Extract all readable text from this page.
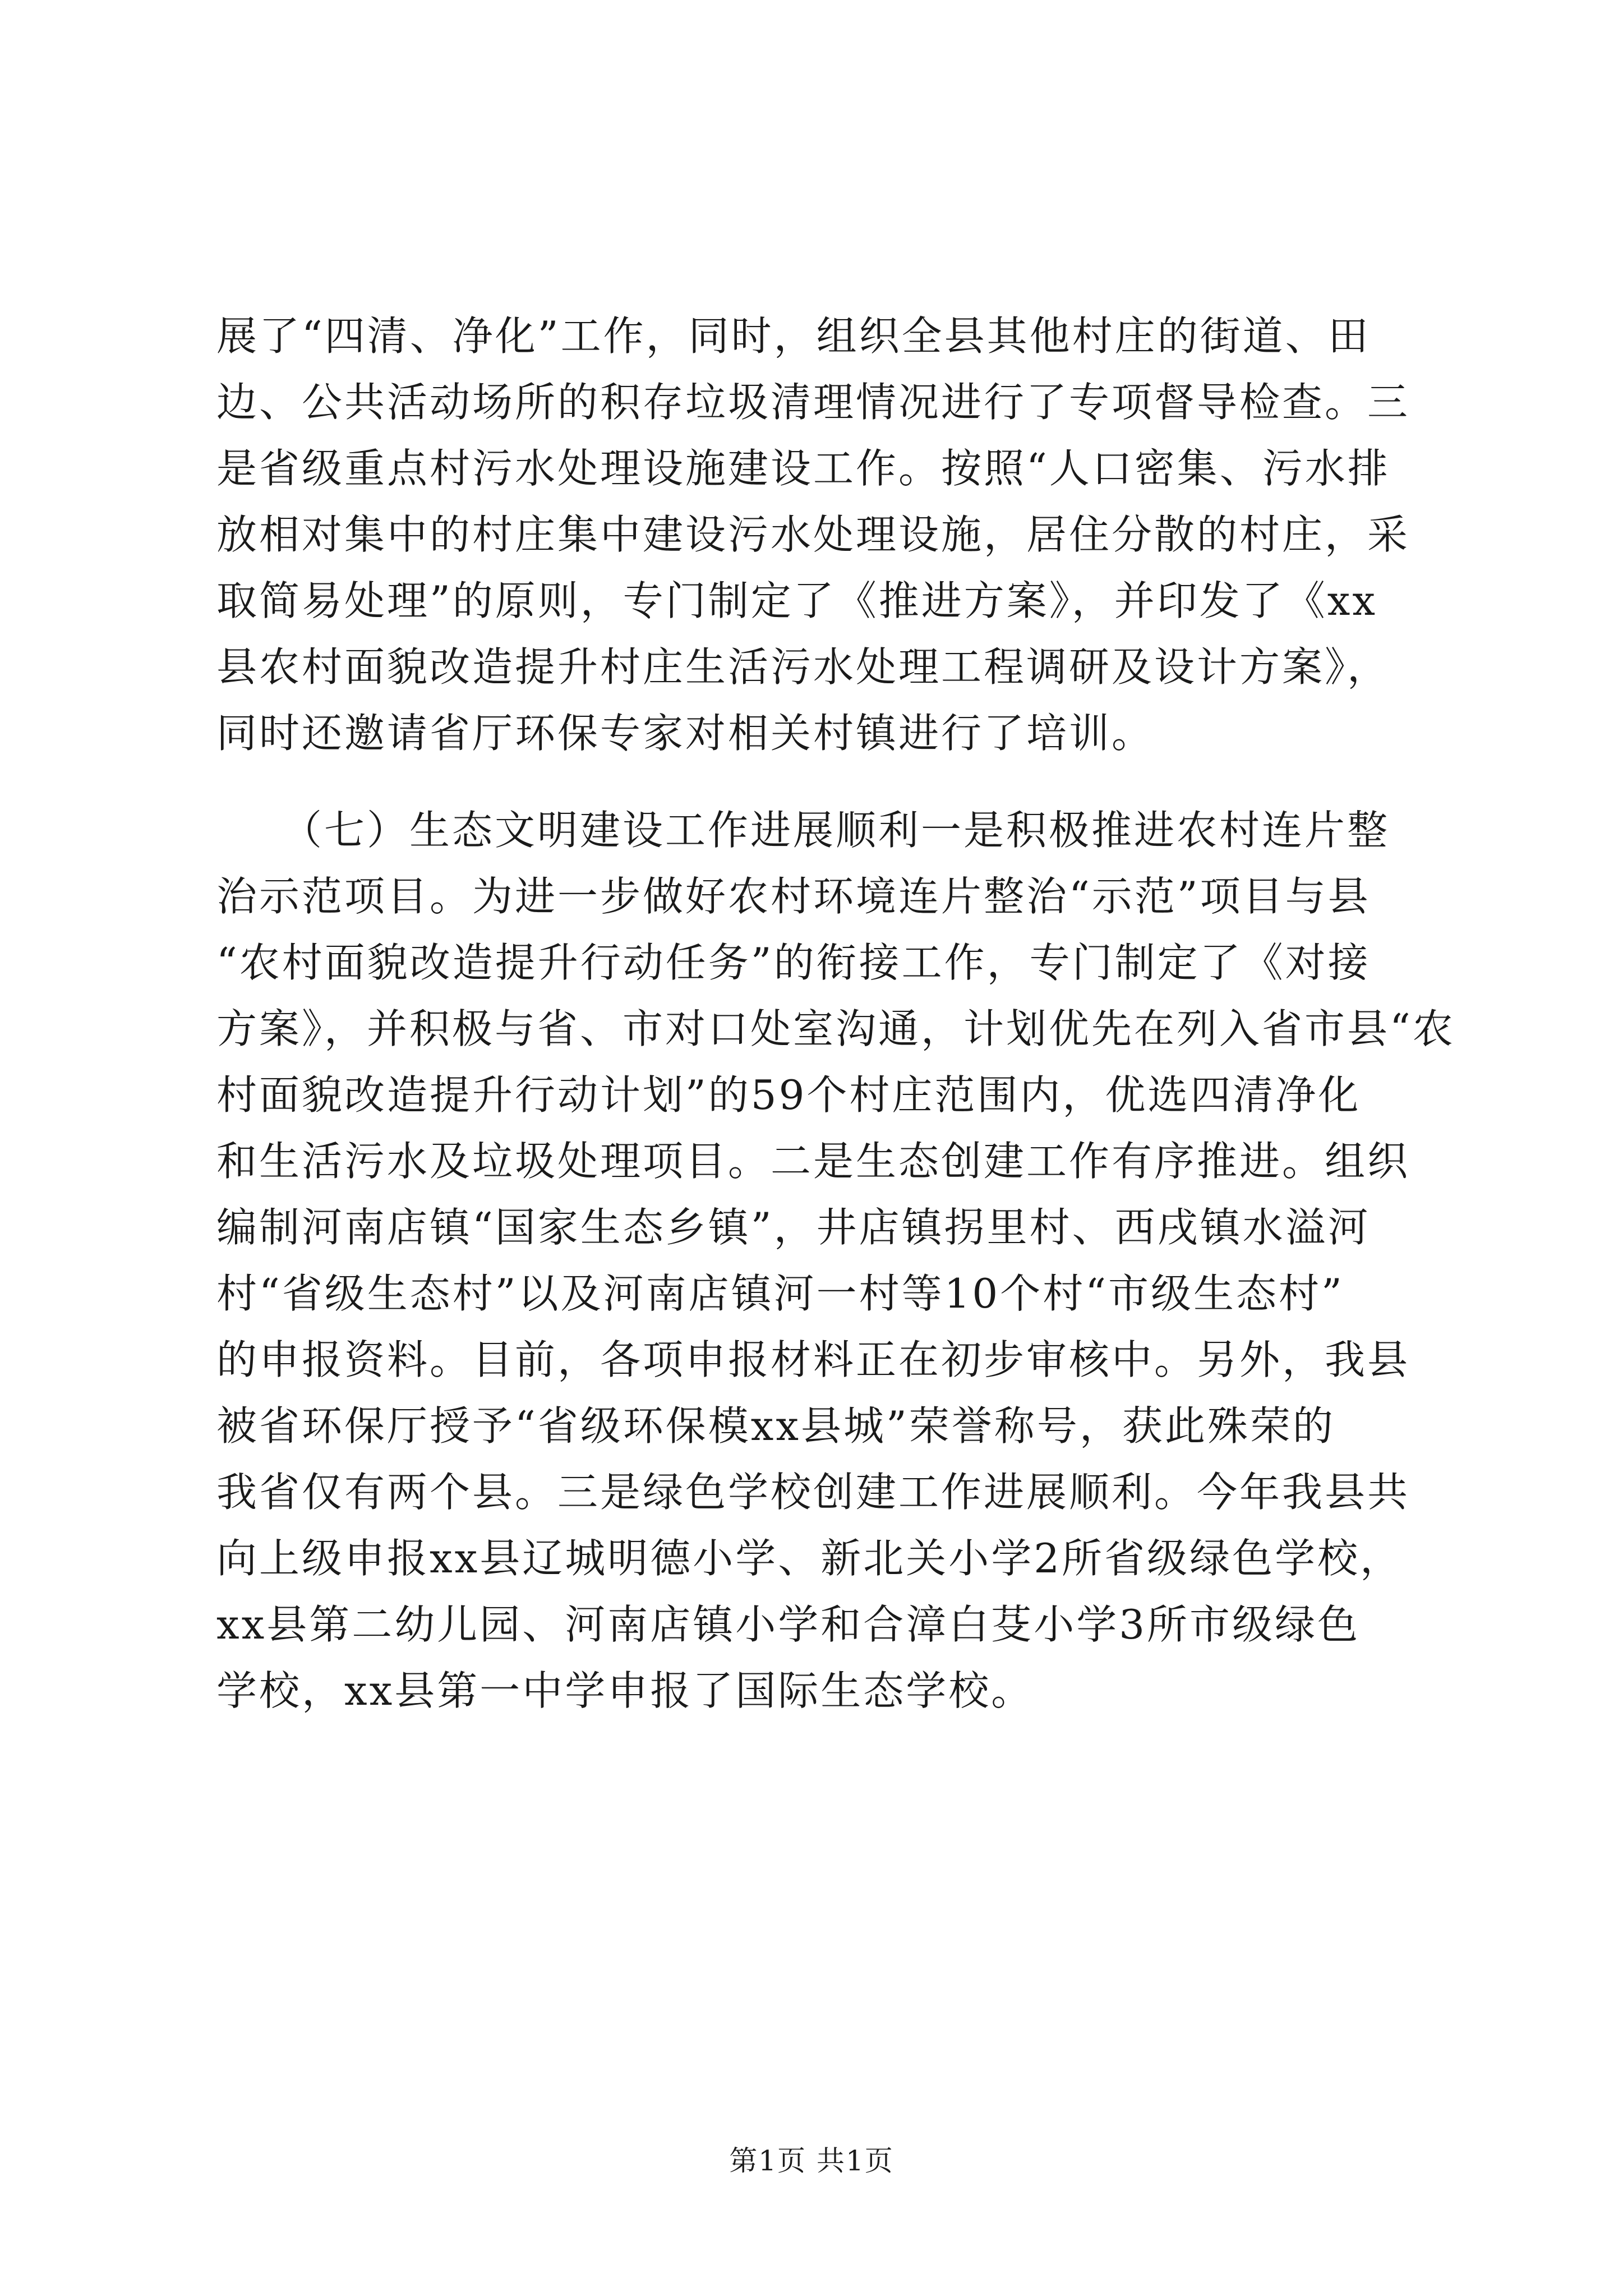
展了“四清、净化”工作，同时，组织全县其他村庄的街道、田
边、公共活动场所的积存垃圾清理情况进行了专项督导检查。三
是省级重点村污水处理设施建设工作。按照“人口密集、污水排
放相对集中的村庄集中建设污水处理设施，居住分散的村庄，采
取简易处理”的原则，专门制定了《推进方案》，并印发了《xx
县农村面貌改造提升村庄生活污水处理工程调研及设计方案》，
同时还邀请省厅环保专家对相关村镇进行了培训。
　　（七）生态文明建设工作进展顺利一是积极推进农村连片整
治示范项目。为进一步做好农村环境连片整治“示范”项目与县
“农村面貌改造提升行动任务”的衔接工作，专门制定了《对接
方案》，并积极与省、市对口处室沟通，计划优先在列入省市县“农
村面貌改造提升行动计划”的59个村庄范围内，优选四清净化
和生活污水及垃圾处理项目。二是生态创建工作有序推进。组织
编制河南店镇“国家生态乡镇”，井店镇拐里村、西戌镇水溢河
村“省级生态村”以及河南店镇河一村等10个村“市级生态村”
的申报资料。目前，各项申报材料正在初步审核中。另外，我县
被省环保厅授予“省级环保模xx县城”荣誉称号，获此殊荣的
我省仅有两个县。三是绿色学校创建工作进展顺利。今年我县共
向上级申报xx县辽城明德小学、新北关小学2所省级绿色学校，
xx县第二幼儿园、河南店镇小学和合漳白芟小学3所市级绿色
学校，xx县第一中学申报了国际生态学校。
第1页 共1页
